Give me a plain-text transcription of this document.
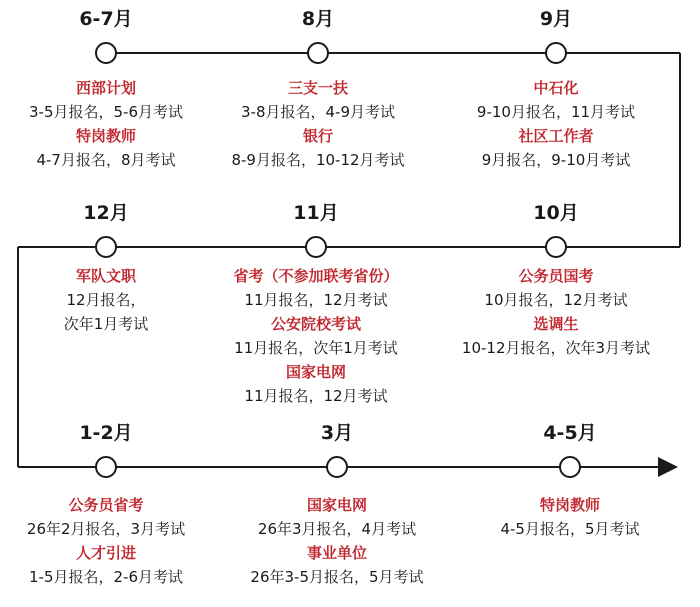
6-7月
西部计划
3-5月报名，5-6月考试
特岗教师
4-7月报名，8月考试
8月
三支一扶
3-8月报名，4-9月考试
银行
8-9月报名，10-12月考试
9月
中石化
9-10月报名，11月考试
社区工作者
9月报名，9-10月考试
12月
军队文职
12月报名，
次年1月考试
11月
省考（不参加联考省份）
11月报名，12月考试
公安院校考试
11月报名，次年1月考试
国家电网
11月报名，12月考试
10月
公务员国考
10月报名，12月考试
选调生
10-12月报名，次年3月考试
1-2月
公务员省考
26年2月报名，3月考试
人才引进
1-5月报名，2-6月考试
3月
国家电网
26年3月报名，4月考试
事业单位
26年3-5月报名，5月考试
4-5月
特岗教师
4-5月报名，5月考试
